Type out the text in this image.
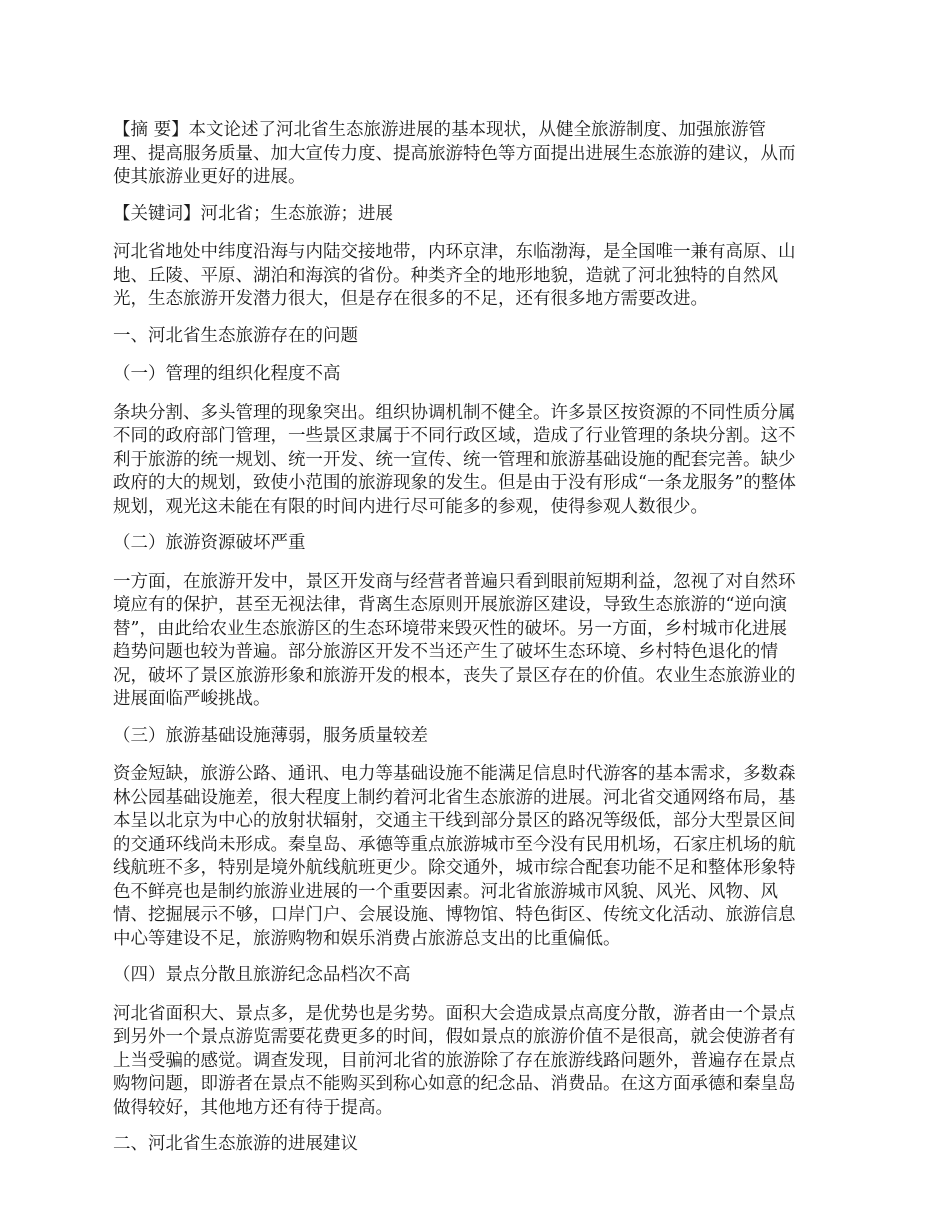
【摘 要】本文论述了河北省生态旅游进展的基本现状，从健全旅游制度、加强旅游管
理、提高服务质量、加大宣传力度、提高旅游特色等方面提出进展生态旅游的建议，从而
使其旅游业更好的进展。
【关键词】河北省；生态旅游；进展
河北省地处中纬度沿海与内陆交接地带，内环京津，东临渤海，是全国唯一兼有高原、山
地、丘陵、平原、湖泊和海滨的省份。种类齐全的地形地貌，造就了河北独特的自然风
光，生态旅游开发潜力很大，但是存在很多的不足，还有很多地方需要改进。
一、河北省生态旅游存在的问题
（一）管理的组织化程度不高
条块分割、多头管理的现象突出。组织协调机制不健全。许多景区按资源的不同性质分属
不同的政府部门管理，一些景区隶属于不同行政区域，造成了行业管理的条块分割。这不
利于旅游的统一规划、统一开发、统一宣传、统一管理和旅游基础设施的配套完善。缺少
政府的大的规划，致使小范围的旅游现象的发生。但是由于没有形成“一条龙服务”的整体
规划，观光这未能在有限的时间内进行尽可能多的参观，使得参观人数很少。
（二）旅游资源破坏严重
一方面，在旅游开发中，景区开发商与经营者普遍只看到眼前短期利益，忽视了对自然环
境应有的保护，甚至无视法律，背离生态原则开展旅游区建设，导致生态旅游的“逆向演
替”，由此给农业生态旅游区的生态环境带来毁灭性的破坏。另一方面，乡村城市化进展
趋势问题也较为普遍。部分旅游区开发不当还产生了破坏生态环境、乡村特色退化的情
况，破坏了景区旅游形象和旅游开发的根本，丧失了景区存在的价值。农业生态旅游业的
进展面临严峻挑战。
（三）旅游基础设施薄弱，服务质量较差
资金短缺，旅游公路、通讯、电力等基础设施不能满足信息时代游客的基本需求，多数森
林公园基础设施差，很大程度上制约着河北省生态旅游的进展。河北省交通网络布局，基
本呈以北京为中心的放射状辐射，交通主干线到部分景区的路况等级低，部分大型景区间
的交通环线尚未形成。秦皇岛、承德等重点旅游城市至今没有民用机场，石家庄机场的航
线航班不多，特别是境外航线航班更少。除交通外，城市综合配套功能不足和整体形象特
色不鲜亮也是制约旅游业进展的一个重要因素。河北省旅游城市风貌、风光、风物、风
情、挖掘展示不够，口岸门户、会展设施、博物馆、特色街区、传统文化活动、旅游信息
中心等建设不足，旅游购物和娱乐消费占旅游总支出的比重偏低。
（四）景点分散且旅游纪念品档次不高
河北省面积大、景点多，是优势也是劣势。面积大会造成景点高度分散，游者由一个景点
到另外一个景点游览需要花费更多的时间，假如景点的旅游价值不是很高，就会使游者有
上当受骗的感觉。调查发现，目前河北省的旅游除了存在旅游线路问题外，普遍存在景点
购物问题，即游者在景点不能购买到称心如意的纪念品、消费品。在这方面承德和秦皇岛
做得较好，其他地方还有待于提高。
二、河北省生态旅游的进展建议
